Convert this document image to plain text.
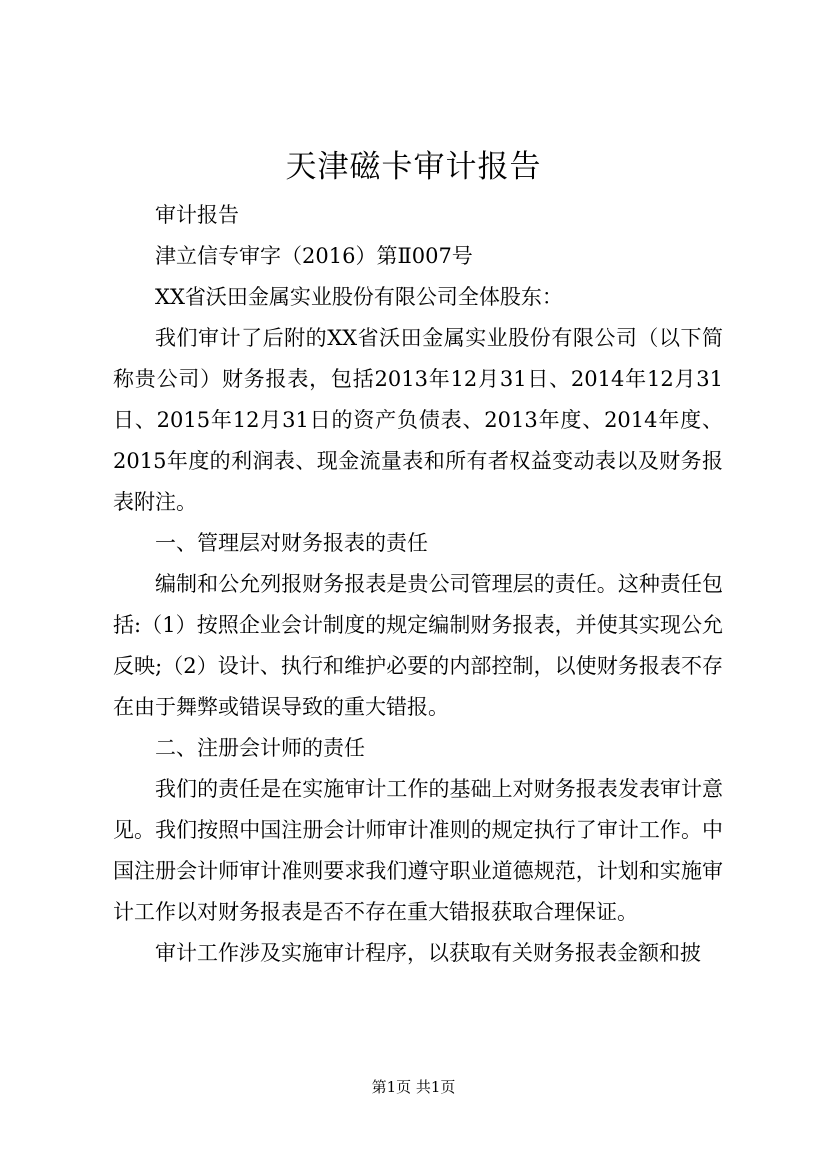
天津磁卡审计报告

审计报告

津立信专审字（2016）第Ⅱ007号

XX省沃田金属实业股份有限公司全体股东：

我们审计了后附的XX省沃田金属实业股份有限公司（以下简称贵公司）财务报表，包括2013年12月31日、2014年12月31日、2015年12月31日的资产负债表、2013年度、2014年度、2015年度的利润表、现金流量表和所有者权益变动表以及财务报表附注。

一、管理层对财务报表的责任

编制和公允列报财务报表是贵公司管理层的责任。这种责任包括:（1）按照企业会计制度的规定编制财务报表，并使其实现公允反映;（2）设计、执行和维护必要的内部控制，以使财务报表不存在由于舞弊或错误导致的重大错报。

二、注册会计师的责任

我们的责任是在实施审计工作的基础上对财务报表发表审计意见。我们按照中国注册会计师审计准则的规定执行了审计工作。中国注册会计师审计准则要求我们遵守职业道德规范，计划和实施审计工作以对财务报表是否不存在重大错报获取合理保证。

审计工作涉及实施审计程序，以获取有关财务报表金额和披

第1页 共1页
